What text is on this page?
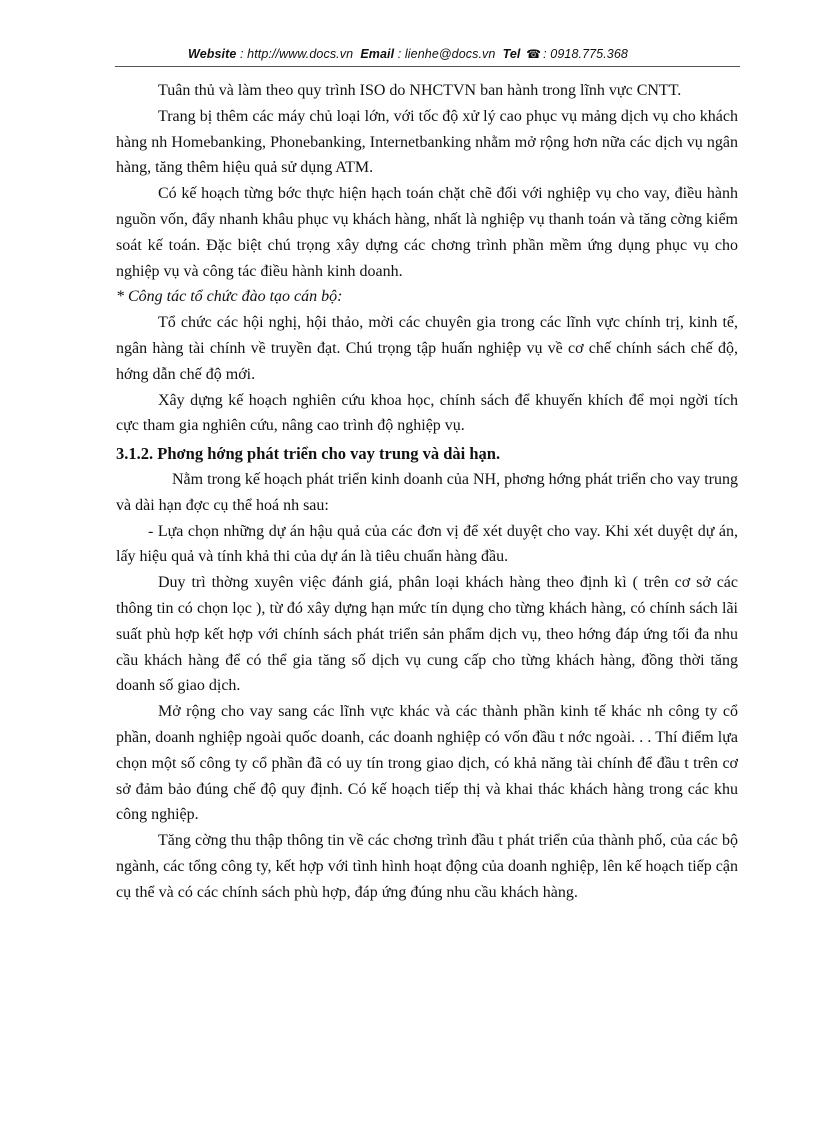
Website : http://www.docs.vn Email : lienhe@docs.vn Tel ☎ : 0918.775.368

Tuân thủ và làm theo quy trình ISO do NHCTVN ban hành trong lĩnh vực CNTT.

Trang bị thêm các máy chủ loại lớn, với tốc độ xử lý cao phục vụ mảng dịch vụ cho khách hàng nh Homebanking, Phonebanking, Internetbanking nhằm mở rộng hơn nữa các dịch vụ ngân hàng, tăng thêm hiệu quả sử dụng ATM.

Có kế hoạch từng bớc thực hiện hạch toán chặt chẽ đối với nghiệp vụ cho vay, điều hành nguồn vốn, đẩy nhanh khâu phục vụ khách hàng, nhất là nghiệp vụ thanh toán và tăng cờng kiểm soát kế toán. Đặc biệt chú trọng xây dựng các chơng trình phần mềm ứng dụng phục vụ cho nghiệp vụ và công tác điều hành kinh doanh.

* Công tác tổ chức đào tạo cán bộ:

Tổ chức các hội nghị, hội thảo, mời các chuyên gia trong các lĩnh vực chính trị, kinh tế, ngân hàng tài chính về truyền đạt. Chú trọng tập huấn nghiệp vụ về cơ chế chính sách chế độ, hớng dẫn chế độ mới.

Xây dựng kế hoạch nghiên cứu khoa học, chính sách để khuyến khích để mọi ngời tích cực tham gia nghiên cứu, nâng cao trình độ nghiệp vụ.

3.1.2. Phơng hớng phát triển cho vay trung và dài hạn.

Nằm trong kế hoạch phát triển kinh doanh của NH, phơng hớng phát triển cho vay trung và dài hạn đợc cụ thể hoá nh sau:

- Lựa chọn những dự án hậu quả của các đơn vị để xét duyệt cho vay. Khi xét duyệt dự án, lấy hiệu quả và tính khả thi của dự án là tiêu chuẩn hàng đầu.

Duy trì thờng xuyên việc đánh giá, phân loại khách hàng theo định kì ( trên cơ sở các thông tin có chọn lọc ), từ đó xây dựng hạn mức tín dụng cho từng khách hàng, có chính sách lãi suất phù hợp kết hợp với chính sách phát triển sản phẩm dịch vụ, theo hớng đáp ứng tối đa nhu cầu khách hàng để có thể gia tăng số dịch vụ cung cấp cho từng khách hàng, đồng thời tăng doanh số giao dịch.

Mở rộng cho vay sang các lĩnh vực khác và các thành phần kinh tế khác nh công ty cổ phần, doanh nghiệp ngoài quốc doanh, các doanh nghiệp có vốn đầu t nớc ngoài. . . Thí điểm lựa chọn một số công ty cổ phần đã có uy tín trong giao dịch, có khả năng tài chính để đầu t trên cơ sở đảm bảo đúng chế độ quy định. Có kế hoạch tiếp thị và khai thác khách hàng trong các khu công nghiệp.

Tăng cờng thu thập thông tin về các chơng trình đầu t phát triển của thành phố, của các bộ ngành, các tổng công ty, kết hợp với tình hình hoạt động của doanh nghiệp, lên kế hoạch tiếp cận cụ thể và có các chính sách phù hợp, đáp ứng đúng nhu cầu khách hàng.
